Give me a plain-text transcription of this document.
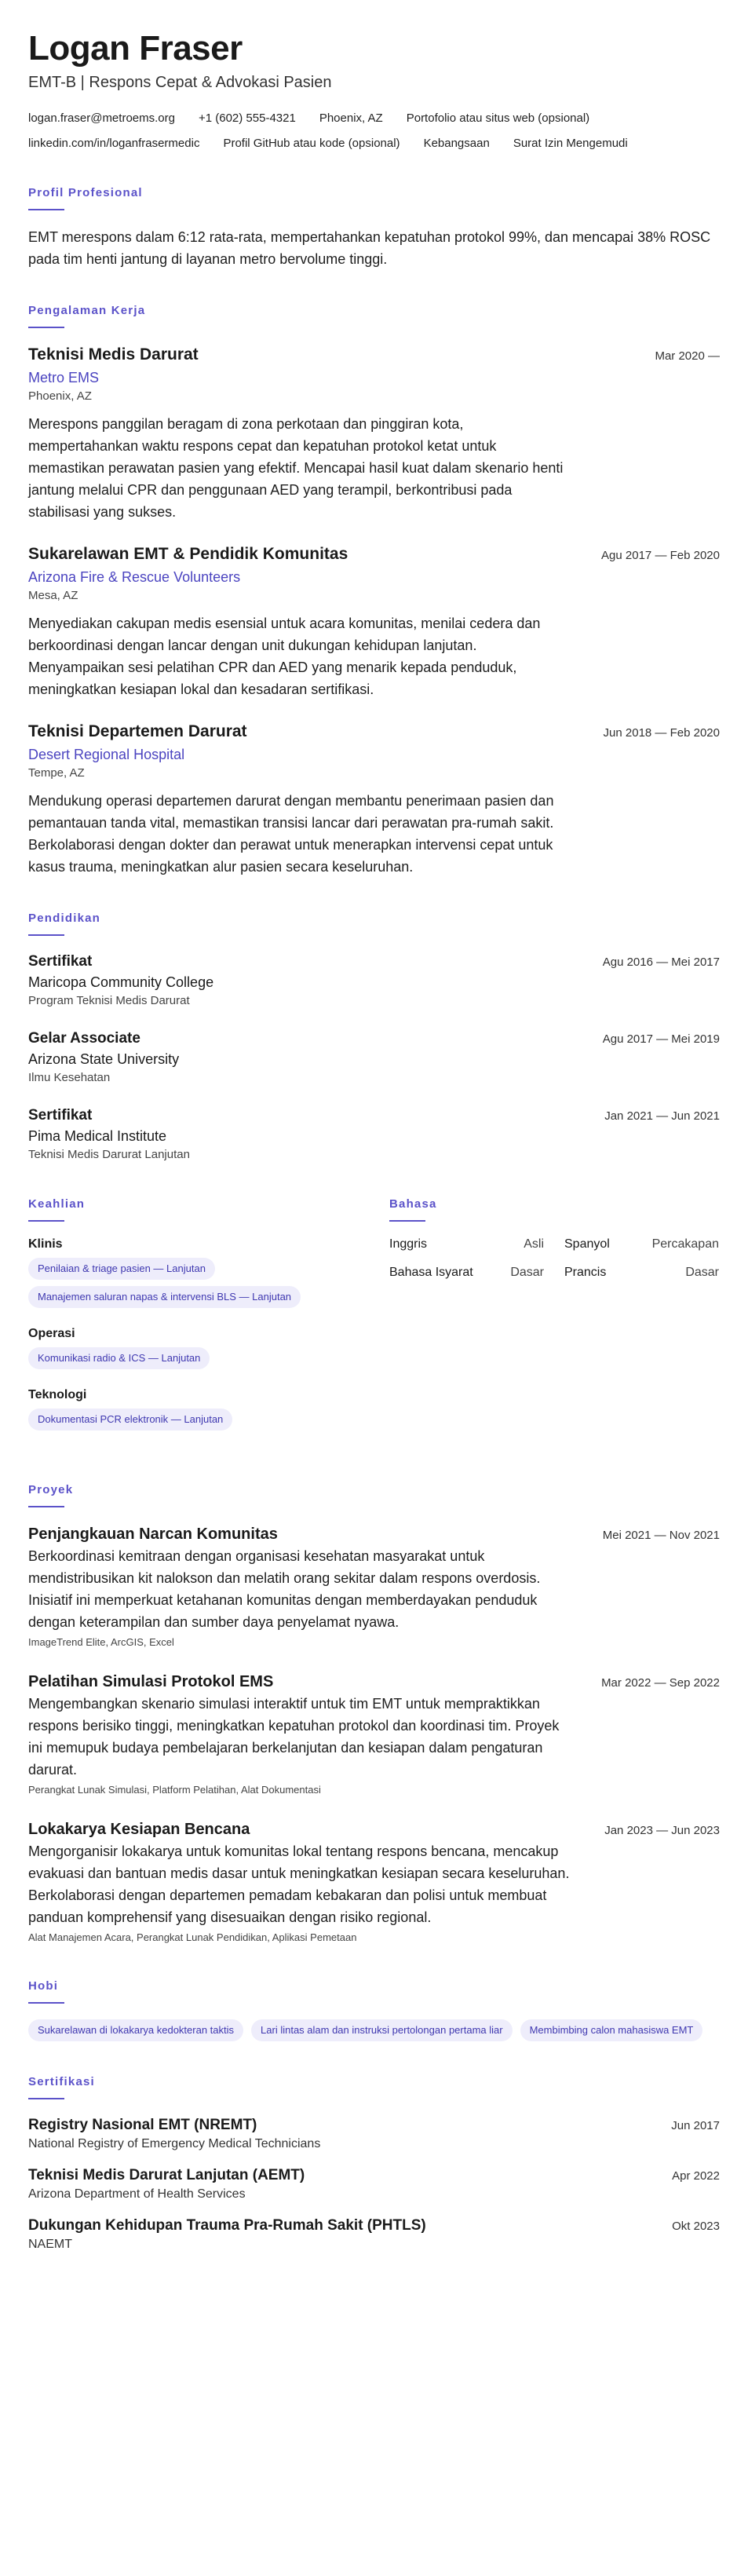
Logan Fraser
EMT-B | Respons Cepat & Advokasi Pasien
logan.fraser@metroems.org +1 (602) 555-4321 Phoenix, AZ Portofolio atau situs web (opsional)
linkedin.com/in/loganfrasermedic Profil GitHub atau kode (opsional) Kebangsaan Surat Izin Mengemudi
Profil Profesional
EMT merespons dalam 6:12 rata-rata, mempertahankan kepatuhan protokol 99%, dan mencapai 38% ROSC pada tim henti jantung di layanan metro bervolume tinggi.
Pengalaman Kerja
Teknisi Medis Darurat	Mar 2020 —
Metro EMS
Phoenix, AZ
Merespons panggilan beragam di zona perkotaan dan pinggiran kota, mempertahankan waktu respons cepat dan kepatuhan protokol ketat untuk memastikan perawatan pasien yang efektif. Mencapai hasil kuat dalam skenario henti jantung melalui CPR dan penggunaan AED yang terampil, berkontribusi pada stabilisasi yang sukses.
Sukarelawan EMT & Pendidik Komunitas	Agu 2017 — Feb 2020
Arizona Fire & Rescue Volunteers
Mesa, AZ
Menyediakan cakupan medis esensial untuk acara komunitas, menilai cedera dan berkoordinasi dengan lancar dengan unit dukungan kehidupan lanjutan. Menyampaikan sesi pelatihan CPR dan AED yang menarik kepada penduduk, meningkatkan kesiapan lokal dan kesadaran sertifikasi.
Teknisi Departemen Darurat	Jun 2018 — Feb 2020
Desert Regional Hospital
Tempe, AZ
Mendukung operasi departemen darurat dengan membantu penerimaan pasien dan pemantauan tanda vital, memastikan transisi lancar dari perawatan pra-rumah sakit. Berkolaborasi dengan dokter dan perawat untuk menerapkan intervensi cepat untuk kasus trauma, meningkatkan alur pasien secara keseluruhan.
Pendidikan
Sertifikat	Agu 2016 — Mei 2017
Maricopa Community College
Program Teknisi Medis Darurat
Gelar Associate	Agu 2017 — Mei 2019
Arizona State University
Ilmu Kesehatan
Sertifikat	Jan 2021 — Jun 2021
Pima Medical Institute
Teknisi Medis Darurat Lanjutan
Keahlian
Klinis
Penilaian & triage pasien — Lanjutan
Manajemen saluran napas & intervensi BLS — Lanjutan
Operasi
Komunikasi radio & ICS — Lanjutan
Teknologi
Dokumentasi PCR elektronik — Lanjutan
Bahasa
Inggris	Asli Spanyol	Percakapan
Bahasa Isyarat	Dasar Prancis	Dasar
Proyek
Penjangkauan Narcan Komunitas	Mei 2021 — Nov 2021
Berkoordinasi kemitraan dengan organisasi kesehatan masyarakat untuk mendistribusikan kit nalokson dan melatih orang sekitar dalam respons overdosis. Inisiatif ini memperkuat ketahanan komunitas dengan memberdayakan penduduk dengan keterampilan dan sumber daya penyelamat nyawa.
ImageTrend Elite, ArcGIS, Excel
Pelatihan Simulasi Protokol EMS	Mar 2022 — Sep 2022
Mengembangkan skenario simulasi interaktif untuk tim EMT untuk mempraktikkan respons berisiko tinggi, meningkatkan kepatuhan protokol dan koordinasi tim. Proyek ini memupuk budaya pembelajaran berkelanjutan dan kesiapan dalam pengaturan darurat.
Perangkat Lunak Simulasi, Platform Pelatihan, Alat Dokumentasi
Lokakarya Kesiapan Bencana	Jan 2023 — Jun 2023
Mengorganisir lokakarya untuk komunitas lokal tentang respons bencana, mencakup evakuasi dan bantuan medis dasar untuk meningkatkan kesiapan secara keseluruhan. Berkolaborasi dengan departemen pemadam kebakaran dan polisi untuk membuat panduan komprehensif yang disesuaikan dengan risiko regional.
Alat Manajemen Acara, Perangkat Lunak Pendidikan, Aplikasi Pemetaan
Hobi
Sukarelawan di lokakarya kedokteran taktis	Lari lintas alam dan instruksi pertolongan pertama liar	Membimbing calon mahasiswa EMT
Sertifikasi
Registry Nasional EMT (NREMT)	Jun 2017
National Registry of Emergency Medical Technicians
Teknisi Medis Darurat Lanjutan (AEMT)	Apr 2022
Arizona Department of Health Services
Dukungan Kehidupan Trauma Pra-Rumah Sakit (PHTLS)	Okt 2023
NAEMT
